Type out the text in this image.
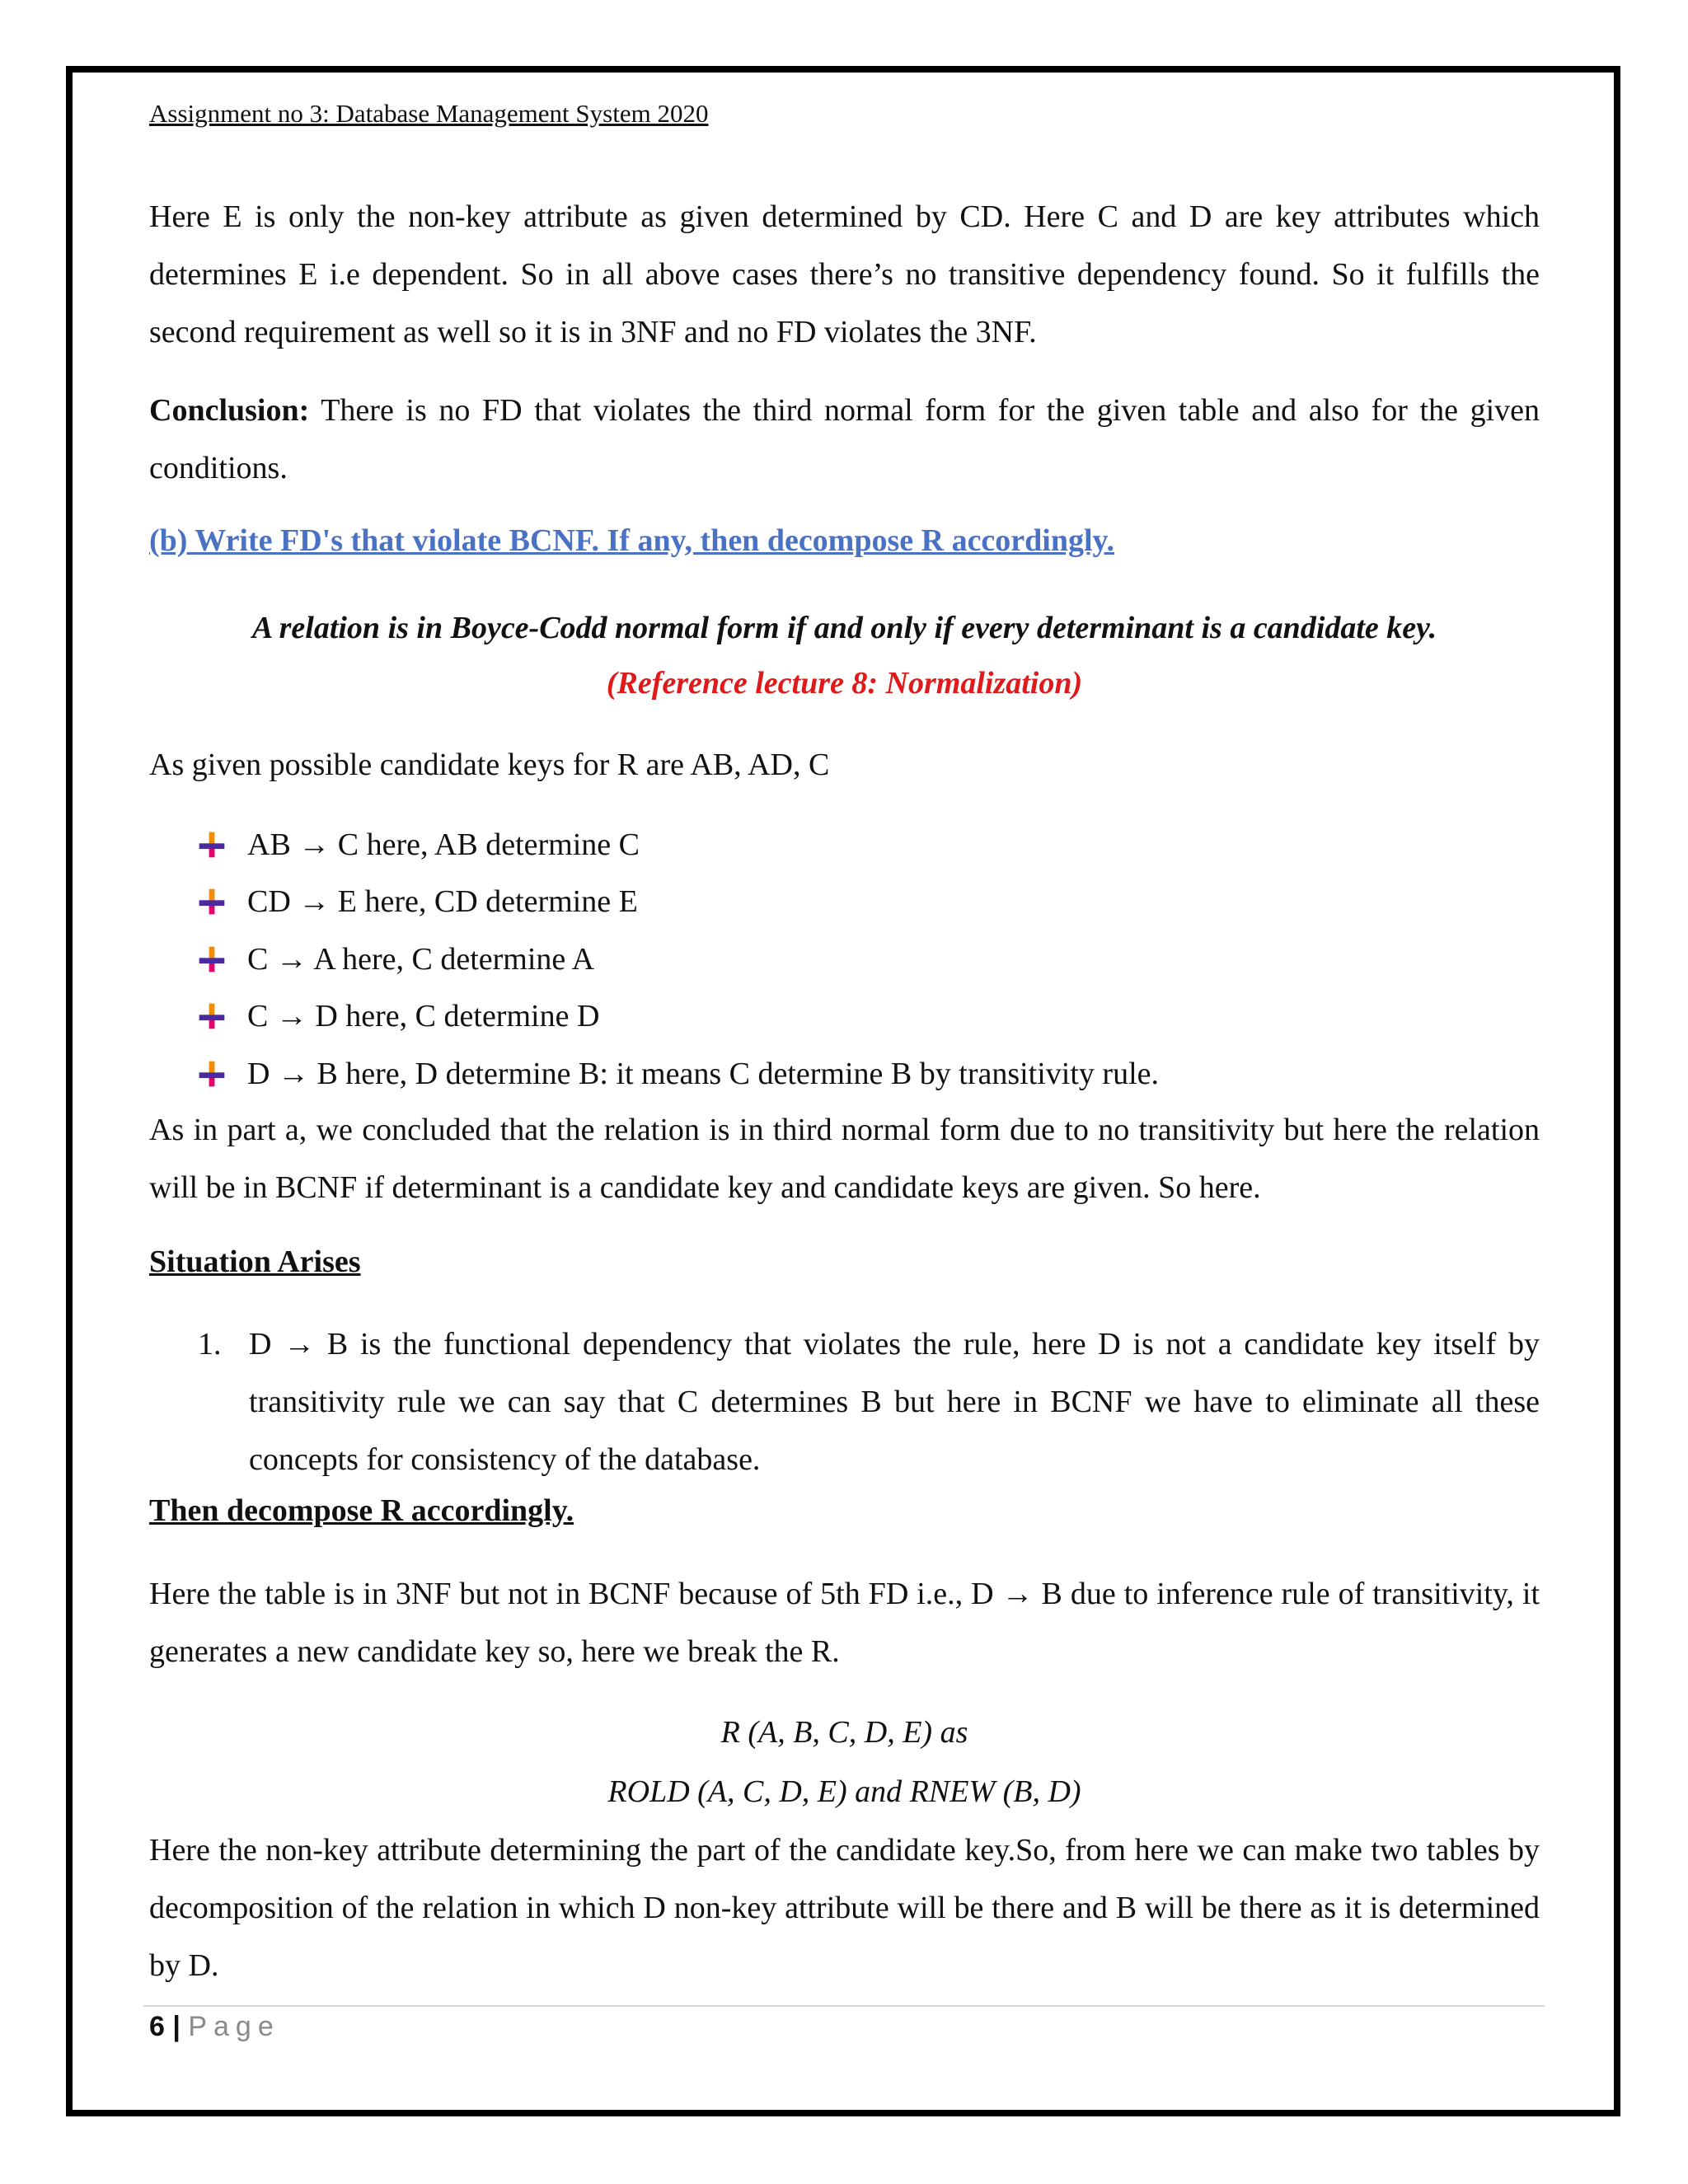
Assignment no 3: Database Management System 2020

Here E is only the non-key attribute as given determined by CD. Here C and D are key attributes which determines E i.e dependent. So in all above cases there’s no transitive dependency found. So it fulfills the second requirement as well so it is in 3NF and no FD violates the 3NF.

Conclusion: There is no FD that violates the third normal form for the given table and also for the given conditions.

(b) Write FD's that violate BCNF. If any, then decompose R accordingly.

A relation is in Boyce-Codd normal form if and only if every determinant is a candidate key.

(Reference lecture 8: Normalization)

As given possible candidate keys for R are AB, AD, C

AB → C here, AB determine C
CD → E here, CD determine E
C → A here, C determine A
C → D here, C determine D
D → B here, D determine B: it means C determine B by transitivity rule.

As in part a, we concluded that the relation is in third normal form due to no transitivity but here the relation will be in BCNF if determinant is a candidate key and candidate keys are given. So here.

Situation Arises

1. D → B is the functional dependency that violates the rule, here D is not a candidate key itself by transitivity rule we can say that C determines B but here in BCNF we have to eliminate all these concepts for consistency of the database.

Then decompose R accordingly.

Here the table is in 3NF but not in BCNF because of 5th FD i.e., D → B due to inference rule of transitivity, it generates a new candidate key so, here we break the R.

R (A, B, C, D, E) as

ROLD (A, C, D, E) and RNEW (B, D)

Here the non-key attribute determining the part of the candidate key.So, from here we can make two tables by decomposition of the relation in which D non-key attribute will be there and B will be there as it is determined by D.

6 | Page
